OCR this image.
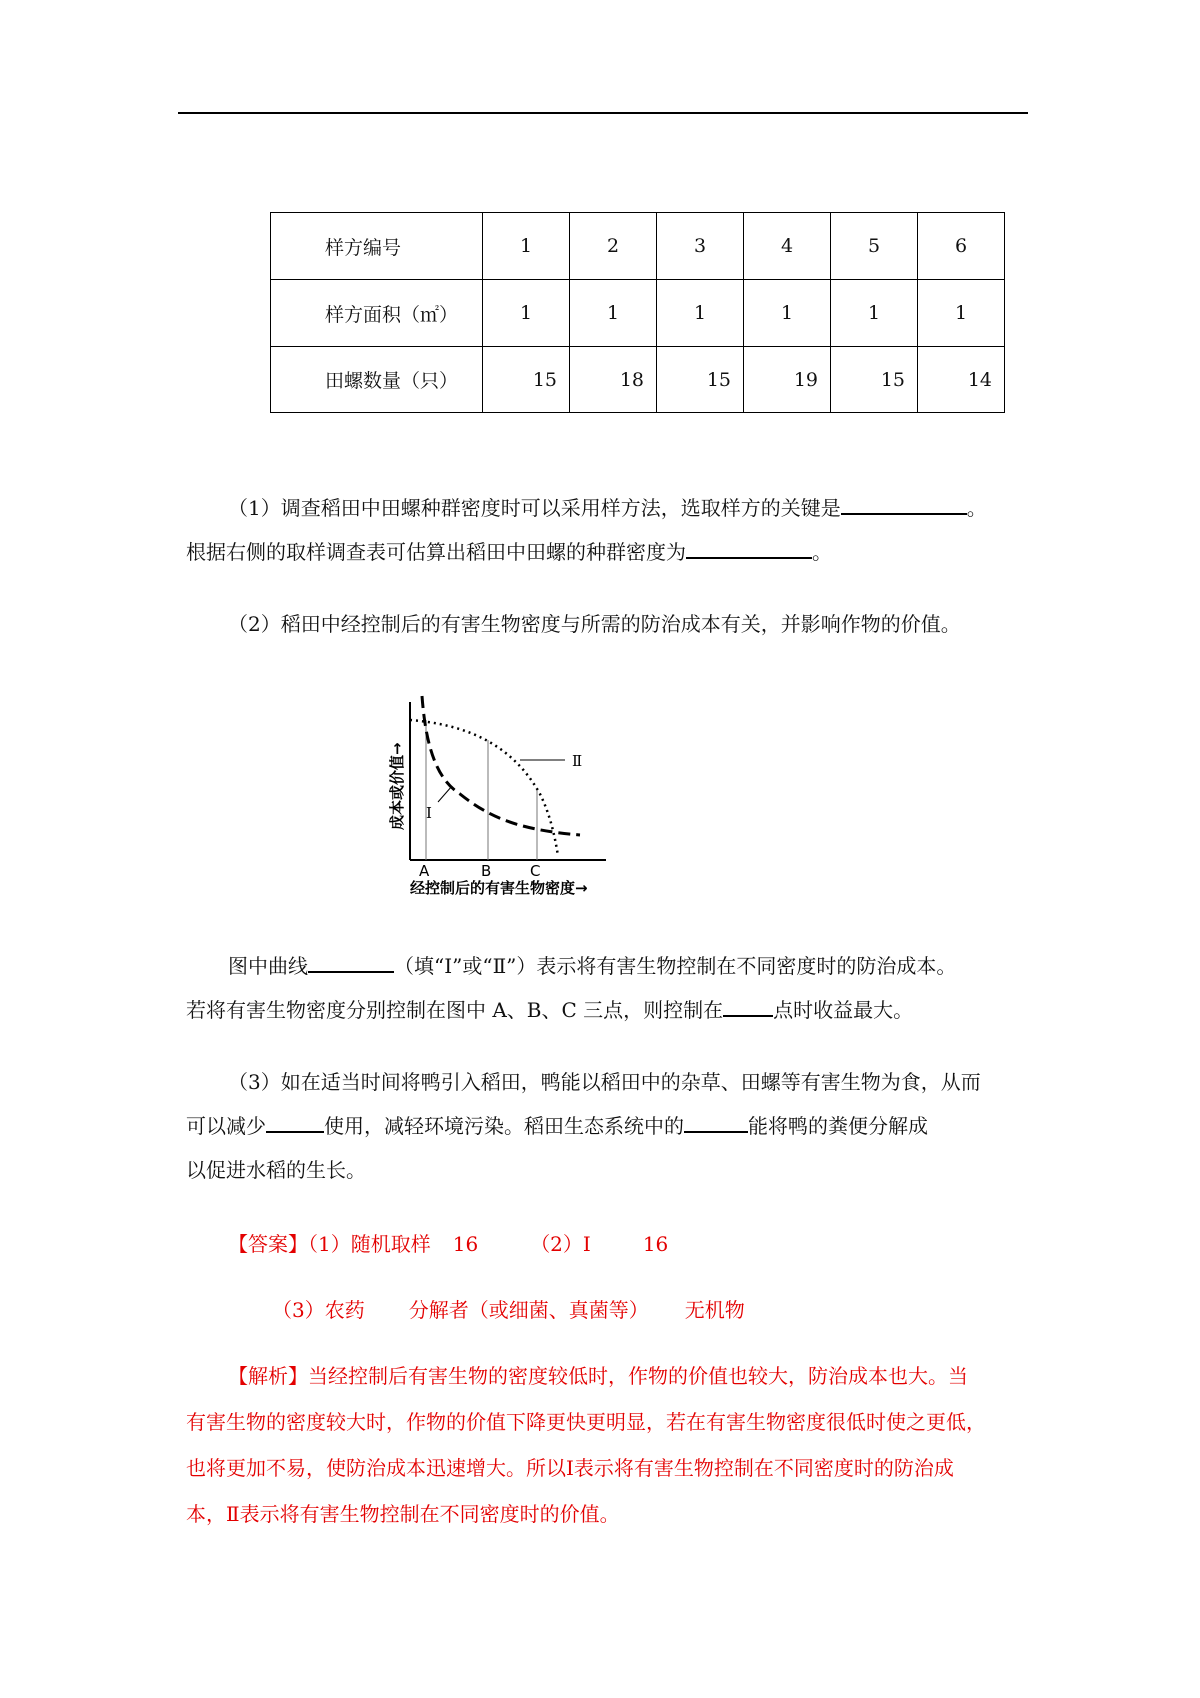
样方编号	1	2	3	4	5	6
样方面积（㎡）	1	1	1	1	1	1
田螺数量（只）	15	18	15	19	15	14
（1）调查稻田中田螺种群密度时可以采用样方法，选取样方的关键是	。
根据右侧的取样调查表可估算出稻田中田螺的种群密度为	。
（2）稻田中经控制后的有害生物密度与所需的防治成本有关，并影响作物的价值。
Ⅱ
Ⅰ
A	B	C
经控制后的有害生物密度→
成本或价值→
图中曲线	（填“Ⅰ”或“Ⅱ”）表示将有害生物控制在不同密度时的防治成本。
若将有害生物密度分别控制在图中 A、B、C 三点，则控制在	点时收益最大。
（3）如在适当时间将鸭引入稻田，鸭能以稻田中的杂草、田螺等有害生物为食，从而
可以减少	使用，减轻环境污染。稻田生态系统中的	能将鸭的粪便分解成
以促进水稻的生长。
【答案】（1）随机取样 16	（2）Ⅰ	16
（3）农药 分解者（或细菌、真菌等） 无机物
【解析】当经控制后有害生物的密度较低时，作物的价值也较大，防治成本也大。当
有害生物的密度较大时，作物的价值下降更快更明显，若在有害生物密度很低时使之更低，
也将更加不易，使防治成本迅速增大。所以Ⅰ表示将有害生物控制在不同密度时的防治成
本，Ⅱ表示将有害生物控制在不同密度时的价值。
